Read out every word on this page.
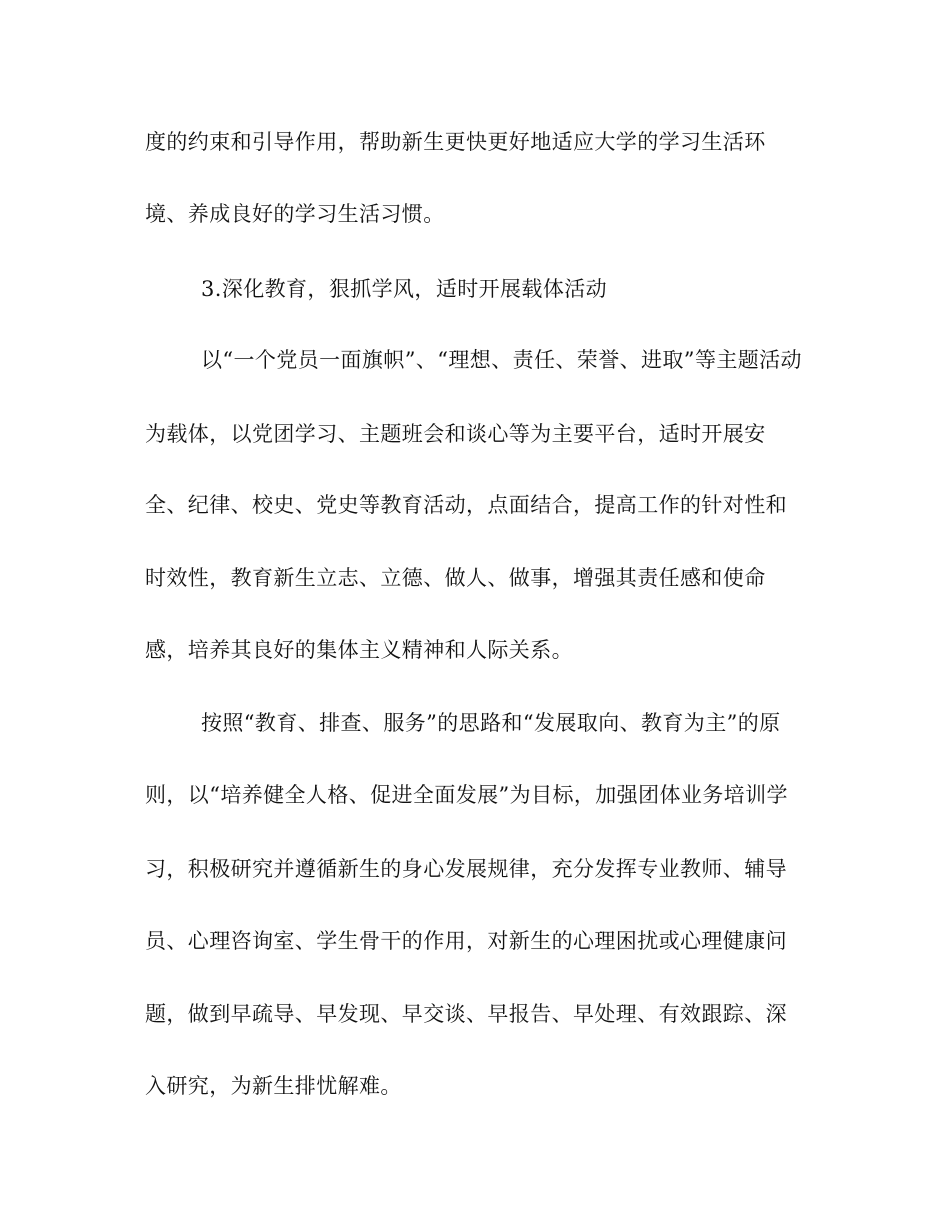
度的约束和引导作用，帮助新生更快更好地适应大学的学习生活环
境、养成良好的学习生活习惯。
3.深化教育，狠抓学风，适时开展载体活动
以“一个党员一面旗帜”、“理想、责任、荣誉、进取”等主题活动
为载体，以党团学习、主题班会和谈心等为主要平台，适时开展安
全、纪律、校史、党史等教育活动，点面结合，提高工作的针对性和
时效性，教育新生立志、立德、做人、做事，增强其责任感和使命
感，培养其良好的集体主义精神和人际关系。
按照“教育、排查、服务”的思路和“发展取向、教育为主”的原
则，以“培养健全人格、促进全面发展”为目标，加强团体业务培训学
习，积极研究并遵循新生的身心发展规律，充分发挥专业教师、辅导
员、心理咨询室、学生骨干的作用，对新生的心理困扰或心理健康问
题，做到早疏导、早发现、早交谈、早报告、早处理、有效跟踪、深
入研究，为新生排忧解难。
